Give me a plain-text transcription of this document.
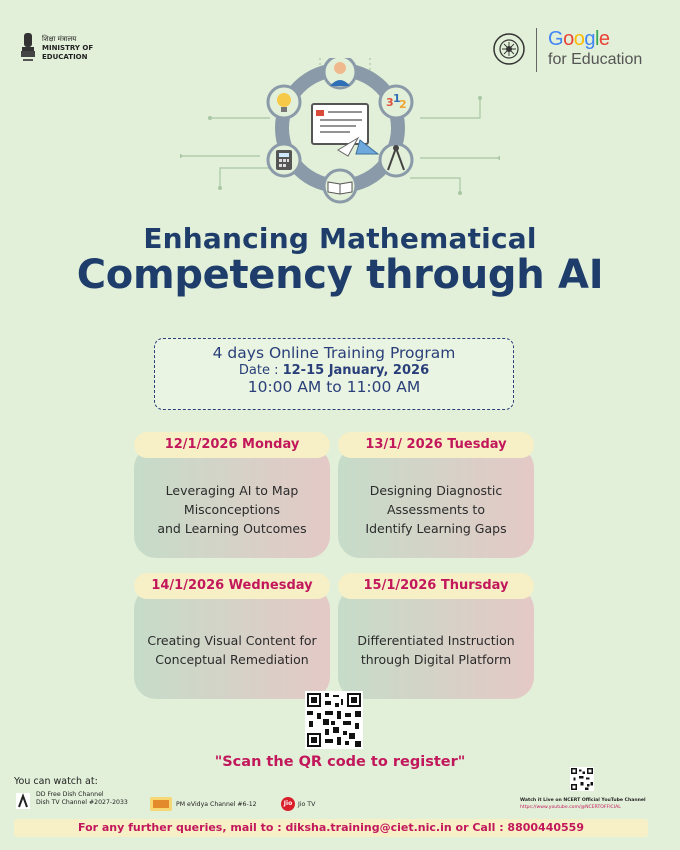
शिक्षा मंत्रालय
MINISTRY OF
EDUCATION
Google
for Education
3 1
2
Enhancing Mathematical
Competency through AI
4 days Online Training Program
Date : 12-15 January, 2026
10:00 AM to 11:00 AM
12/1/2026 Monday
Leveraging AI to Map
Misconceptions
and Learning Outcomes
13/1/ 2026 Tuesday
Designing Diagnostic
Assessments to
Identify Learning Gaps
14/1/2026 Wednesday
Creating Visual Content for
Conceptual Remediation
15/1/2026 Thursday
Differentiated Instruction
through Digital Platform
"Scan the QR code to register"
You can watch at:
DD Free Dish Channel
Dish TV Channel #2027-2033	PM eVidya Channel #6-12	Jio Jio TV
Watch it Live on NCERT Official YouTube Channel
https://www.youtube.com/@NCERTOFFICIAL
For any further queries, mail to : diksha.training@ciet.nic.in or Call : 8800440559
